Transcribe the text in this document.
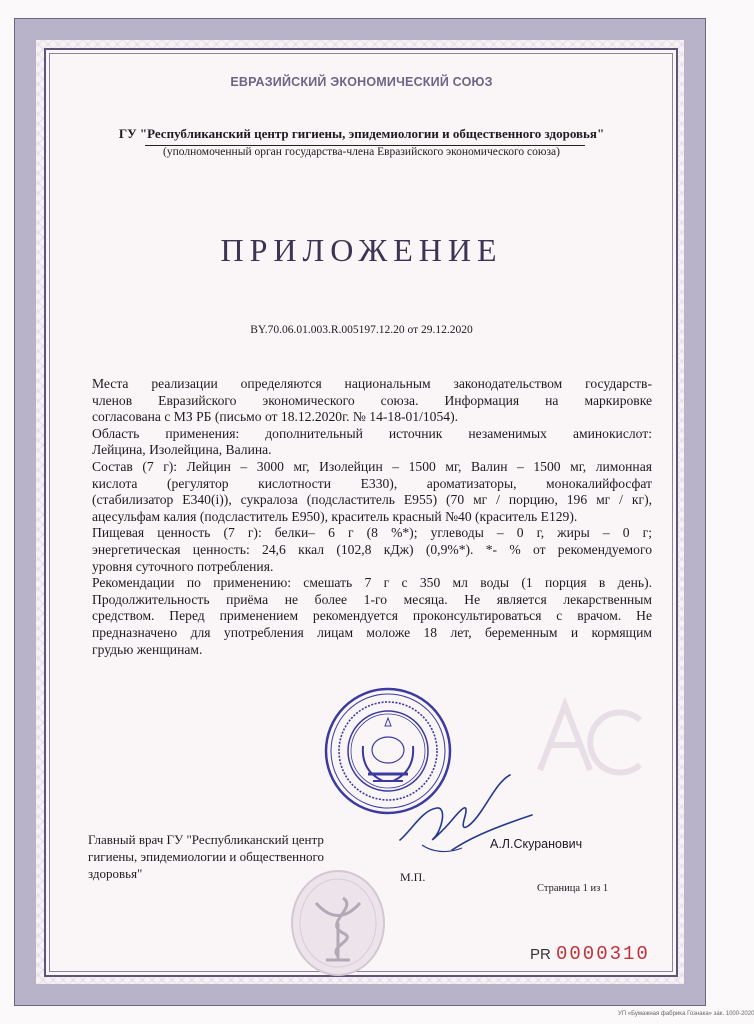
ЕВРАЗИЙСКИЙ ЭКОНОМИЧЕСКИЙ СОЮЗ
ГУ "Республиканский центр гигиены, эпидемиологии и общественного здоровья"
(уполномоченный орган государства-члена Евразийского экономического союза)
ПРИЛОЖЕНИЕ
BY.70.06.01.003.R.005197.12.20 от 29.12.2020
Места реализации определяются национальным законодательством государств-
членов Евразийского экономического союза. Информация на маркировке
согласована с МЗ РБ (письмо от 18.12.2020г. № 14-18-01/1054).
Область применения: дополнительный источник незаменимых аминокислот:
Лейцина, Изолейцина, Валина.
Состав (7 г): Лейцин – 3000 мг, Изолейцин – 1500 мг, Валин – 1500 мг, лимонная
кислота (регулятор кислотности E330), ароматизаторы, монокалийфосфат
(стабилизатор E340(i)), сукралоза (подсластитель E955) (70 мг / порцию, 196 мг / кг),
ацесульфам калия (подсластитель E950), краситель красный №40 (краситель E129).
Пищевая ценность (7 г): белки– 6 г (8 %*); углеводы – 0 г, жиры – 0 г;
энергетическая ценность: 24,6 ккал (102,8 кДж) (0,9%*). *- % от рекомендуемого
уровня суточного потребления.
Рекомендации по применению: смешать 7 г с 350 мл воды (1 порция в день).
Продолжительность приёма не более 1-го месяца. Не является лекарственным
средством. Перед применением рекомендуется проконсультироваться с врачом. Не
предназначено для употребления лицам моложе 18 лет, беременным и кормящим
грудью женщинам.
Главный врач ГУ "Республиканский центр гигиены, эпидемиологии и общественного здоровья"
А.Л.Скуранович
М.П.
Страница 1 из 1
PR 0000310
УП «Бумажная фабрика Гознака» зак. 1000-2020
